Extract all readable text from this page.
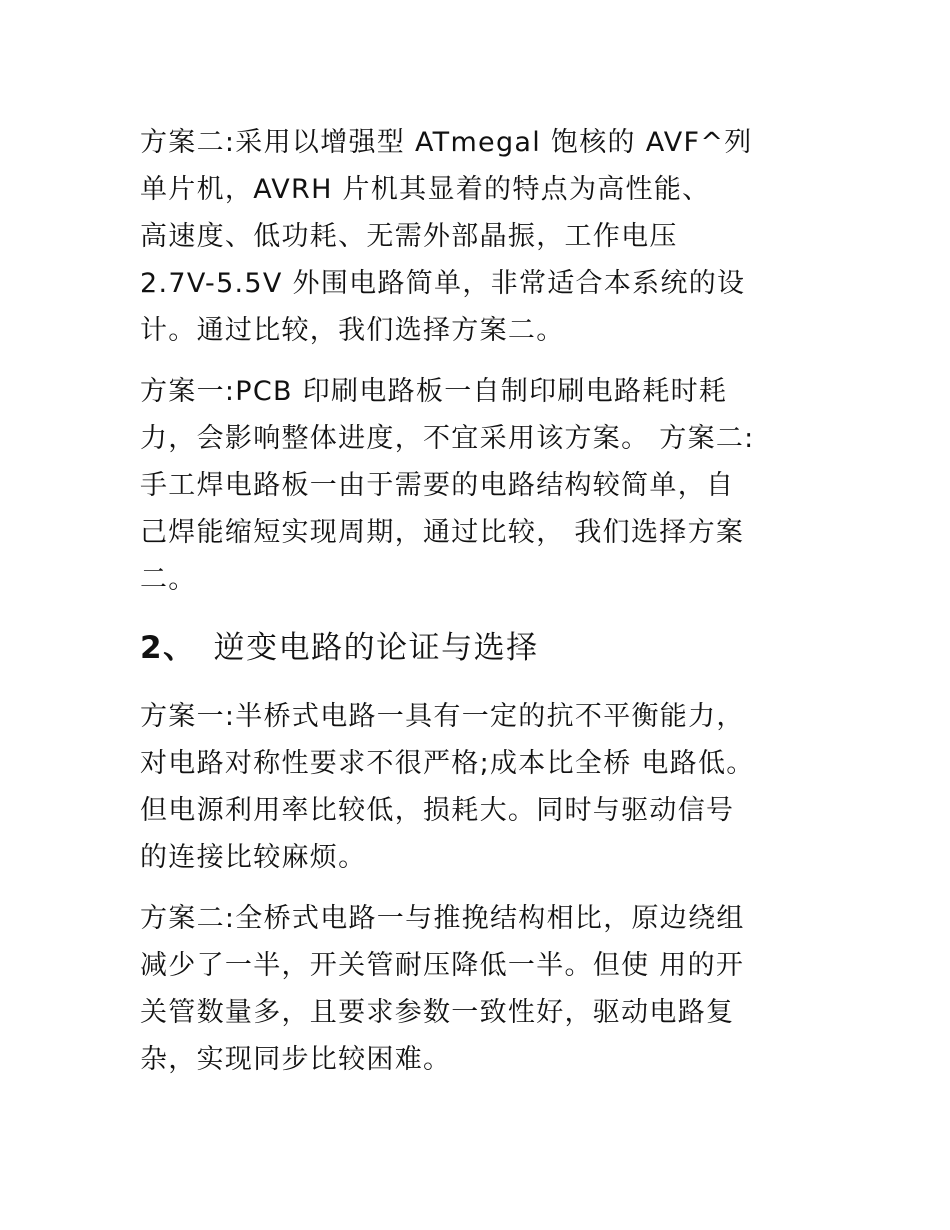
方案二:采用以增强型 ATmegal 饱核的 AVF^列
单片机，AVRH 片机其显着的特点为高性能、
高速度、低功耗、无需外部晶振，工作电压
2.7V-5.5V 外围电路简单，非常适合本系统的设
计。通过比较，我们选择方案二。
方案一:PCB 印刷电路板一自制印刷电路耗时耗
力，会影响整体进度，不宜采用该方案。 方案二:
手工焊电路板一由于需要的电路结构较简单，自
己焊能缩短实现周期，通过比较， 我们选择方案
二。
2、 逆变电路的论证与选择
方案一:半桥式电路一具有一定的抗不平衡能力，
对电路对称性要求不很严格;成本比全桥 电路低。
但电源利用率比较低，损耗大。同时与驱动信号
的连接比较麻烦。
方案二:全桥式电路一与推挽结构相比，原边绕组
减少了一半，开关管耐压降低一半。但使 用的开
关管数量多，且要求参数一致性好，驱动电路复
杂，实现同步比较困难。
